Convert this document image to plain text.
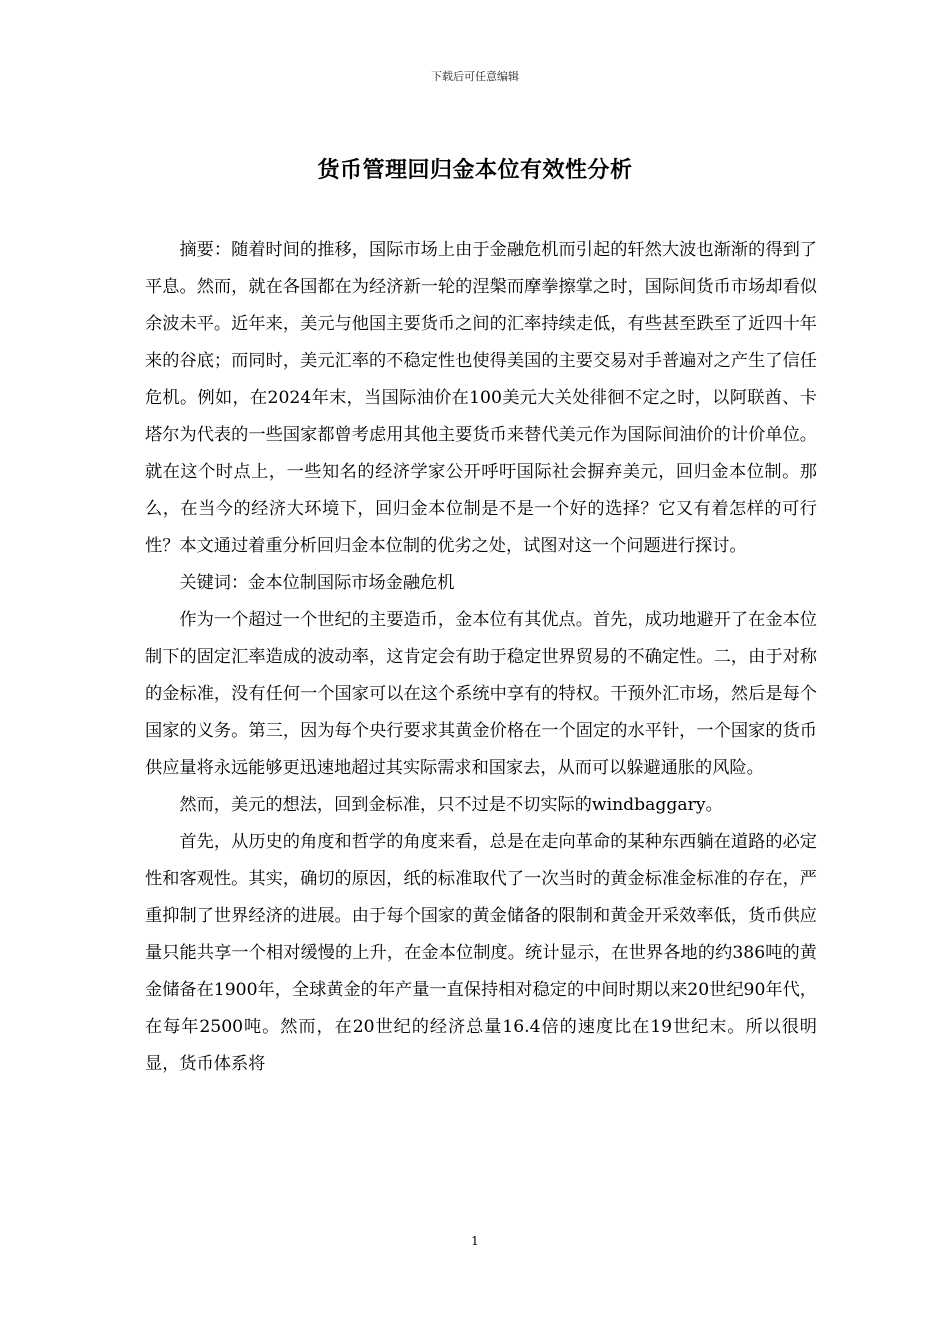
下载后可任意编辑
货币管理回归金本位有效性分析

摘要：随着时间的推移，国际市场上由于金融危机而引起的轩然大波也渐渐的得到了平息。然而，就在各国都在为经济新一轮的涅槃而摩拳擦掌之时，国际间货币市场却看似余波未平。近年来，美元与他国主要货币之间的汇率持续走低，有些甚至跌至了近四十年来的谷底；而同时，美元汇率的不稳定性也使得美国的主要交易对手普遍对之产生了信任危机。例如，在2024年末，当国际油价在100美元大关处徘徊不定之时，以阿联酋、卡塔尔为代表的一些国家都曾考虑用其他主要货币来替代美元作为国际间油价的计价单位。就在这个时点上，一些知名的经济学家公开呼吁国际社会摒弃美元，回归金本位制。那么，在当今的经济大环境下，回归金本位制是不是一个好的选择？它又有着怎样的可行性？本文通过着重分析回归金本位制的优劣之处，试图对这一个问题进行探讨。

关键词：金本位制国际市场金融危机

作为一个超过一个世纪的主要造币，金本位有其优点。首先，成功地避开了在金本位制下的固定汇率造成的波动率，这肯定会有助于稳定世界贸易的不确定性。二，由于对称的金标准，没有任何一个国家可以在这个系统中享有的特权。干预外汇市场，然后是每个国家的义务。第三，因为每个央行要求其黄金价格在一个固定的水平针，一个国家的货币供应量将永远能够更迅速地超过其实际需求和国家去，从而可以躲避通胀的风险。

然而，美元的想法，回到金标准，只不过是不切实际的windbaggary。

首先，从历史的角度和哲学的角度来看，总是在走向革命的某种东西躺在道路的必定性和客观性。其实，确切的原因，纸的标准取代了一次当时的黄金标准金标准的存在，严重抑制了世界经济的进展。由于每个国家的黄金储备的限制和黄金开采效率低，货币供应量只能共享一个相对缓慢的上升，在金本位制度。统计显示，在世界各地的约386吨的黄金储备在1900年，全球黄金的年产量一直保持相对稳定的中间时期以来20世纪90年代，在每年2500吨。然而，在20世纪的经济总量16.4倍的速度比在19世纪末。所以很明显，货币体系将

1
